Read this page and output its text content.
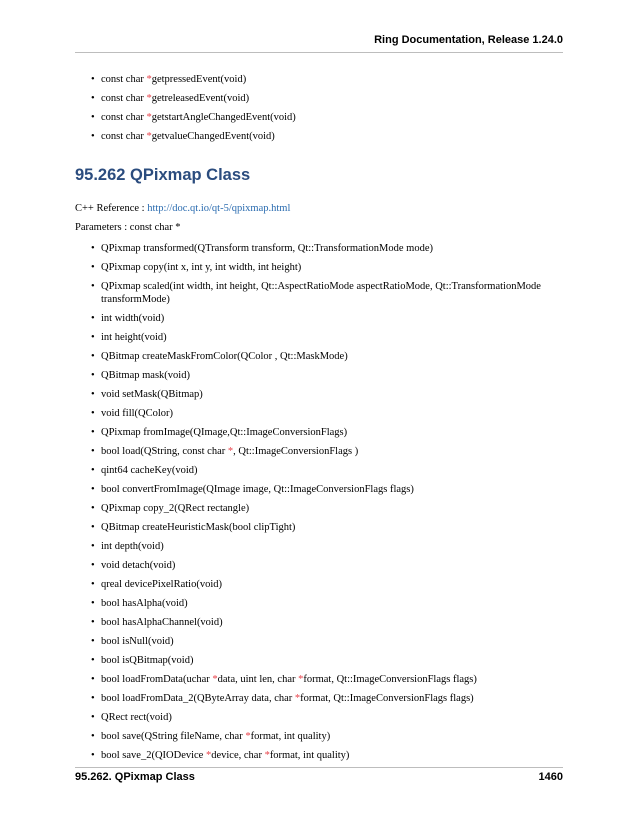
Ring Documentation, Release 1.24.0
• const char *getpressedEvent(void)
• const char *getreleasedEvent(void)
• const char *getstartAngleChangedEvent(void)
• const char *getvalueChangedEvent(void)
95.262 QPixmap Class
C++ Reference : http://doc.qt.io/qt-5/qpixmap.html
Parameters : const char *
• QPixmap transformed(QTransform transform, Qt::TransformationMode mode)
• QPixmap copy(int x, int y, int width, int height)
• QPixmap scaled(int width, int height, Qt::AspectRatioMode aspectRatioMode, Qt::TransformationMode transformMode)
• int width(void)
• int height(void)
• QBitmap createMaskFromColor(QColor , Qt::MaskMode)
• QBitmap mask(void)
• void setMask(QBitmap)
• void fill(QColor)
• QPixmap fromImage(QImage,Qt::ImageConversionFlags)
• bool load(QString, const char *, Qt::ImageConversionFlags )
• qint64 cacheKey(void)
• bool convertFromImage(QImage image, Qt::ImageConversionFlags flags)
• QPixmap copy_2(QRect rectangle)
• QBitmap createHeuristicMask(bool clipTight)
• int depth(void)
• void detach(void)
• qreal devicePixelRatio(void)
• bool hasAlpha(void)
• bool hasAlphaChannel(void)
• bool isNull(void)
• bool isQBitmap(void)
• bool loadFromData(uchar *data, uint len, char *format, Qt::ImageConversionFlags flags)
• bool loadFromData_2(QByteArray data, char *format, Qt::ImageConversionFlags flags)
• QRect rect(void)
• bool save(QString fileName, char *format, int quality)
• bool save_2(QIODevice *device, char *format, int quality)
95.262. QPixmap Class	1460
